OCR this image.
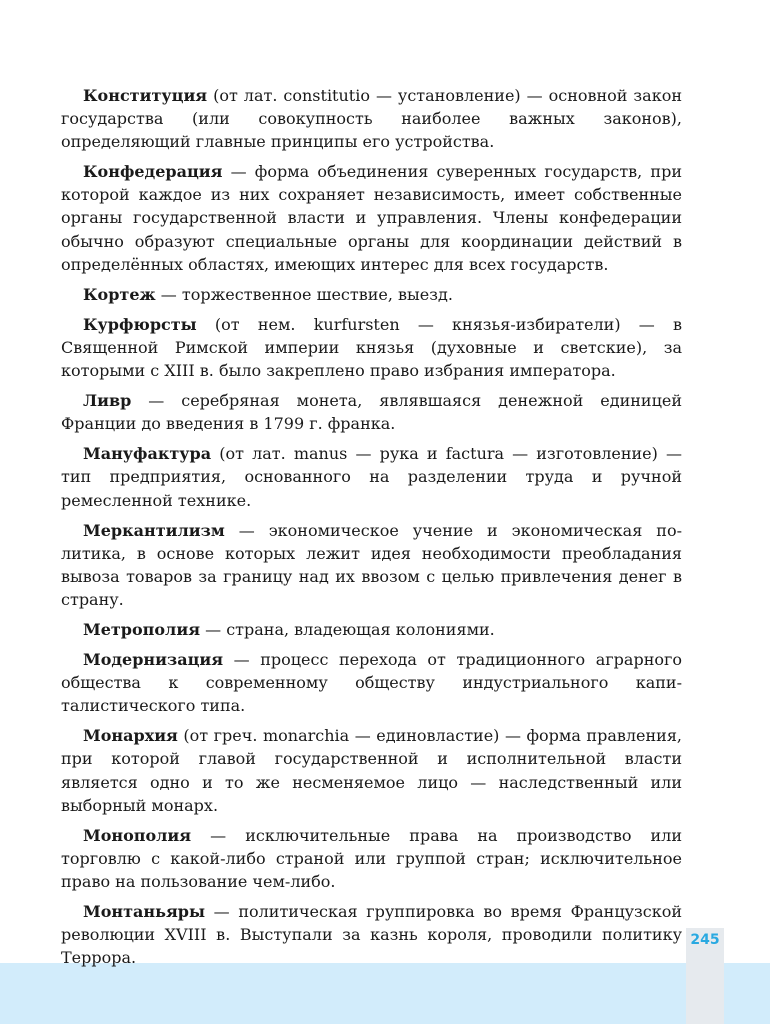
245

Конституция (от лат. constitutio — установление) — основной закон государства (или совокупность наиболее важных законов), определяющий главные принципы его устройства.

Конфедерация — форма объединения суверенных государств, при которой каждое из них сохраняет независимость, имеет собственные органы государственной власти и управления. Члены конфедерации обычно образуют специальные органы для координации действий в определённых областях, имеющих интерес для всех государств.

Кортеж — торжественное шествие, выезд.

Курфюрсты (от нем. kurfursten — князья-избиратели) — в Священной Римской империи князья (духовные и светские), за которыми с XIII в. было закреплено право избрания императора.

Ливр — серебряная монета, являвшаяся денежной единицей Франции до введения в 1799 г. франка.

Мануфактура (от лат. manus — рука и factura — изготовление) — тип предприятия, основанного на разделении труда и ручной ремесленной технике.

Меркантилизм — экономическое учение и экономическая политика, в основе которых лежит идея необходимости преобладания вывоза товаров за границу над их ввозом с целью привлечения денег в страну.

Метрополия — страна, владеющая колониями.

Модернизация — процесс перехода от традиционного аграрного общества к современному обществу индустриального капиталистического типа.

Монархия (от греч. monarchia — единовластие) — форма правления, при которой главой государственной и исполнительной власти является одно и то же несменяемое лицо — наследственный или выборный монарх.

Монополия — исключительные права на производство или торговлю с какой-либо страной или группой стран; исключительное право на пользование чем-либо.

Монтаньяры — политическая группировка во время Французской революции XVIII в. Выступали за казнь короля, проводили политику Террора.
